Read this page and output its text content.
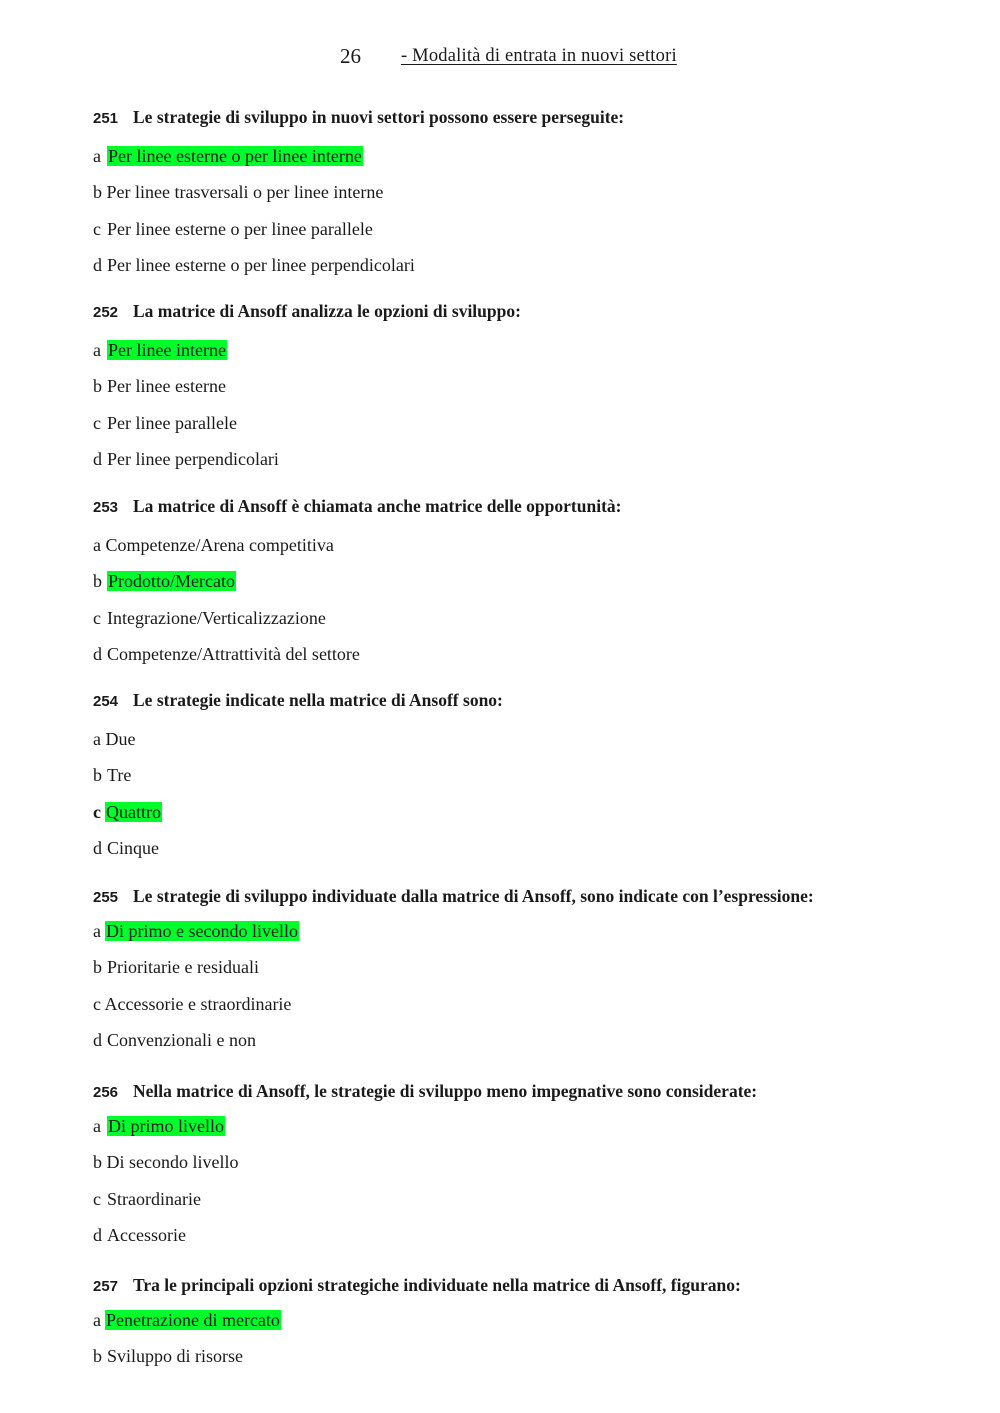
26 - Modalità di entrata in nuovi settori
251 Le strategie di sviluppo in nuovi settori possono essere perseguite:
a Per linee esterne o per linee interne
b Per linee trasversali o per linee interne
c Per linee esterne o per linee parallele
d Per linee esterne o per linee perpendicolari
252 La matrice di Ansoff analizza le opzioni di sviluppo:
a Per linee interne
b Per linee esterne
c Per linee parallele
d Per linee perpendicolari
253 La matrice di Ansoff è chiamata anche matrice delle opportunità:
a Competenze/Arena competitiva
b Prodotto/Mercato
c Integrazione/Verticalizzazione
d Competenze/Attrattività del settore
254 Le strategie indicate nella matrice di Ansoff sono:
a Due
b Tre
c Quattro
d Cinque
255 Le strategie di sviluppo individuate dalla matrice di Ansoff, sono indicate con l’espressione:
a Di primo e secondo livello
b Prioritarie e residuali
c Accessorie e straordinarie
d Convenzionali e non
256 Nella matrice di Ansoff, le strategie di sviluppo meno impegnative sono considerate:
a Di primo livello
b Di secondo livello
c Straordinarie
d Accessorie
257 Tra le principali opzioni strategiche individuate nella matrice di Ansoff, figurano:
a Penetrazione di mercato
b Sviluppo di risorse
